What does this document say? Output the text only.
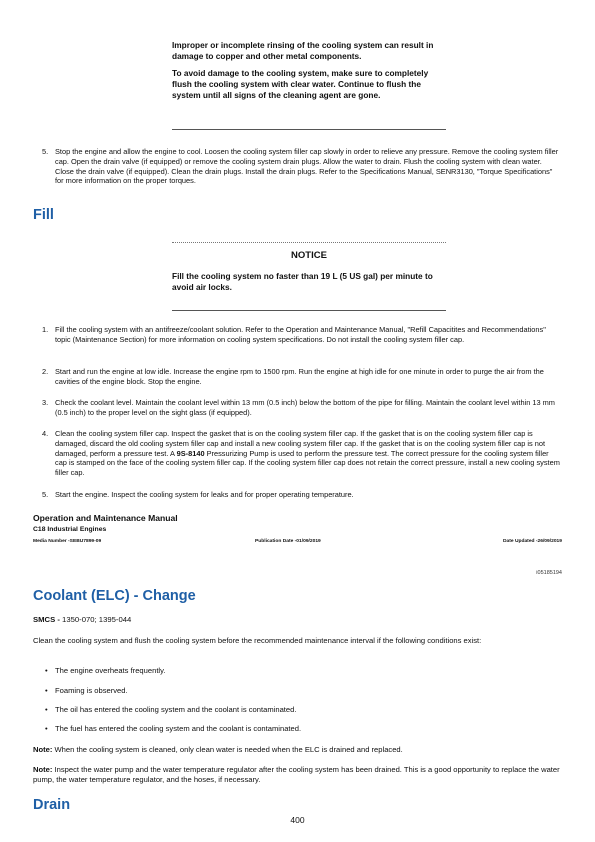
Improper or incomplete rinsing of the cooling system can result in damage to copper and other metal components.

To avoid damage to the cooling system, make sure to completely flush the cooling system with clear water. Continue to flush the system until all signs of the cleaning agent are gone.

5. Stop the engine and allow the engine to cool. Loosen the cooling system filler cap slowly in order to relieve any pressure. Remove the cooling system filler cap. Open the drain valve (if equipped) or remove the cooling system drain plugs. Allow the water to drain. Flush the cooling system with clean water. Close the drain valve (if equipped). Clean the drain plugs. Install the drain plugs. Refer to the Specifications Manual, SENR3130, "Torque Specifications" for more information on the proper torques.
Fill
NOTICE

Fill the cooling system no faster than 19 L (5 US gal) per minute to avoid air locks.

1. Fill the cooling system with an antifreeze/coolant solution. Refer to the Operation and Maintenance Manual, "Refill Capacitites and Recommendations" topic (Maintenance Section) for more information on cooling system specifications. Do not install the cooling system filler cap.
2. Start and run the engine at low idle. Increase the engine rpm to 1500 rpm. Run the engine at high idle for one minute in order to purge the air from the cavities of the engine block. Stop the engine.
3. Check the coolant level. Maintain the coolant level within 13 mm (0.5 inch) below the bottom of the pipe for filling. Maintain the coolant level within 13 mm (0.5 inch) to the proper level on the sight glass (if equipped).
4. Clean the cooling system filler cap. Inspect the gasket that is on the cooling system filler cap. If the gasket that is on the cooling system filler cap is damaged, discard the old cooling system filler cap and install a new cooling system filler cap. If the gasket that is on the cooling system filler cap is not damaged, perform a pressure test. A 9S-8140 Pressurizing Pump is used to perform the pressure test. The correct pressure for the cooling system filler cap is stamped on the face of the cooling system filler cap. If the cooling system filler cap does not retain the correct pressure, install a new cooling system filler cap.
5. Start the engine. Inspect the cooling system for leaks and for proper operating temperature.
Operation and Maintenance Manual
C18 Industrial Engines
Media Number -SEBU7899-09	Publication Date -01/09/2019	Date Updated -26/09/2019
i05185194
Coolant (ELC) - Change
SMCS - 1350-070; 1395-044
Clean the cooling system and flush the cooling system before the recommended maintenance interval if the following conditions exist:
• The engine overheats frequently.
• Foaming is observed.
• The oil has entered the cooling system and the coolant is contaminated.
• The fuel has entered the cooling system and the coolant is contaminated.
Note: When the cooling system is cleaned, only clean water is needed when the ELC is drained and replaced.
Note: Inspect the water pump and the water temperature regulator after the cooling system has been drained. This is a good opportunity to replace the water pump, the water temperature regulator, and the hoses, if necessary.
Drain
400
